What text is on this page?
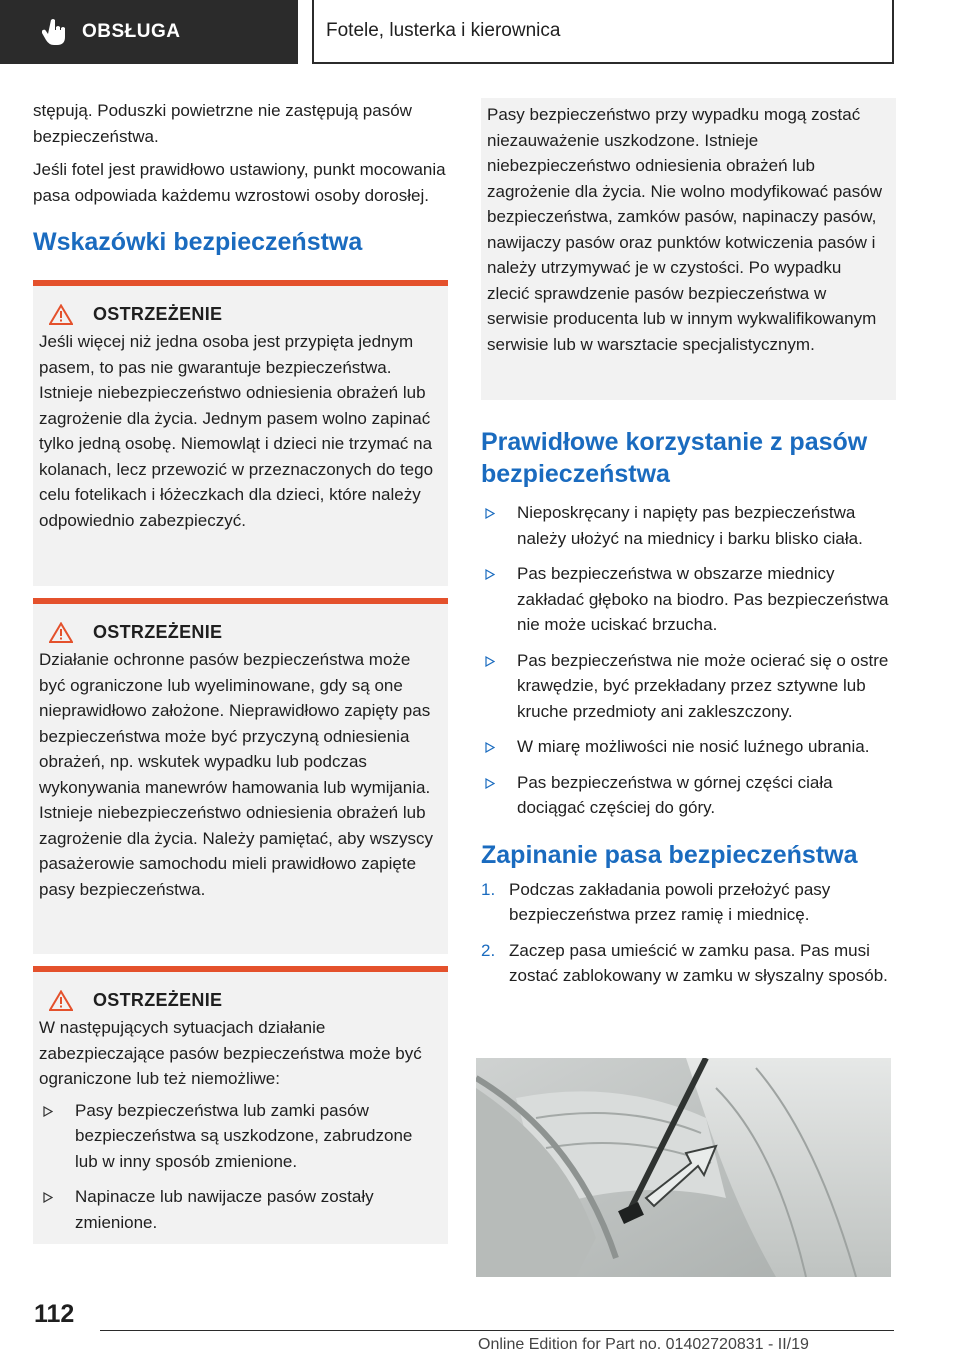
OBSŁUGA	Fotele, lusterka i kierownica

stępują. Poduszki powietrzne nie zastępują pasów bezpieczeństwa.

Jeśli fotel jest prawidłowo ustawiony, punkt mocowania pasa odpowiada każdemu wzrostowi osoby dorosłej.

Wskazówki bezpieczeństwa
OSTRZEŻENIE

Jeśli więcej niż jedna osoba jest przypięta jednym pasem, to pas nie gwarantuje bezpieczeństwa. Istnieje niebezpieczeństwo odniesienia obrażeń lub zagrożenie dla życia. Jednym pasem wolno zapinać tylko jedną osobę. Niemowląt i dzieci nie trzymać na kolanach, lecz przewozić w przeznaczonych do tego celu fotelikach i łóżeczkach dla dzieci, które należy odpowiednio zabezpieczyć.

OSTRZEŻENIE

Działanie ochronne pasów bezpieczeństwa może być ograniczone lub wyeliminowane, gdy są one nieprawidłowo założone. Nieprawidłowo zapięty pas bezpieczeństwa może być przyczyną odniesienia obrażeń, np. wskutek wypadku lub podczas wykonywania manewrów hamowania lub wymijania. Istnieje niebezpieczeństwo odniesienia obrażeń lub zagrożenie dla życia. Należy pamiętać, aby wszyscy pasażerowie samochodu mieli prawidłowo zapięte pasy bezpieczeństwa.

OSTRZEŻENIE

W następujących sytuacjach działanie zabezpieczające pasów bezpieczeństwa może być ograniczone lub też niemożliwe:

Pasy bezpieczeństwa lub zamki pasów bezpieczeństwa są uszkodzone, zabrudzone lub w inny sposób zmienione.
Napinacze lub nawijacze pasów zostały zmienione.

Pasy bezpieczeństwo przy wypadku mogą zostać niezauważenie uszkodzone. Istnieje niebezpieczeństwo odniesienia obrażeń lub zagrożenie dla życia. Nie wolno modyfikować pasów bezpieczeństwa, zamków pasów, napinaczy pasów, nawijaczy pasów oraz punktów kotwiczenia pasów i należy utrzymywać je w czystości. Po wypadku zlecić sprawdzenie pasów bezpieczeństwa w serwisie producenta lub w innym wykwalifikowanym serwisie lub w warsztacie specjalistycznym.

Prawidłowe korzystanie z pasów bezpieczeństwa
Nieposkręcany i napięty pas bezpieczeństwa należy ułożyć na miednicy i barku blisko ciała.
Pas bezpieczeństwa w obszarze miednicy zakładać głęboko na biodro. Pas bezpieczeństwa nie może uciskać brzucha.
Pas bezpieczeństwa nie może ocierać się o ostre krawędzie, być przekładany przez sztywne lub kruche przedmioty ani zakleszczony.
W miarę możliwości nie nosić luźnego ubrania.
Pas bezpieczeństwa w górnej części ciała dociągać częściej do góry.
Zapinanie pasa bezpieczeństwa
1. Podczas zakładania powoli przełożyć pasy bezpieczeństwa przez ramię i miednicę.
2. Zaczep pasa umieścić w zamku pasa. Pas musi zostać zablokowany w zamku w słyszalny sposób.
112
Online Edition for Part no. 01402720831 - II/19
